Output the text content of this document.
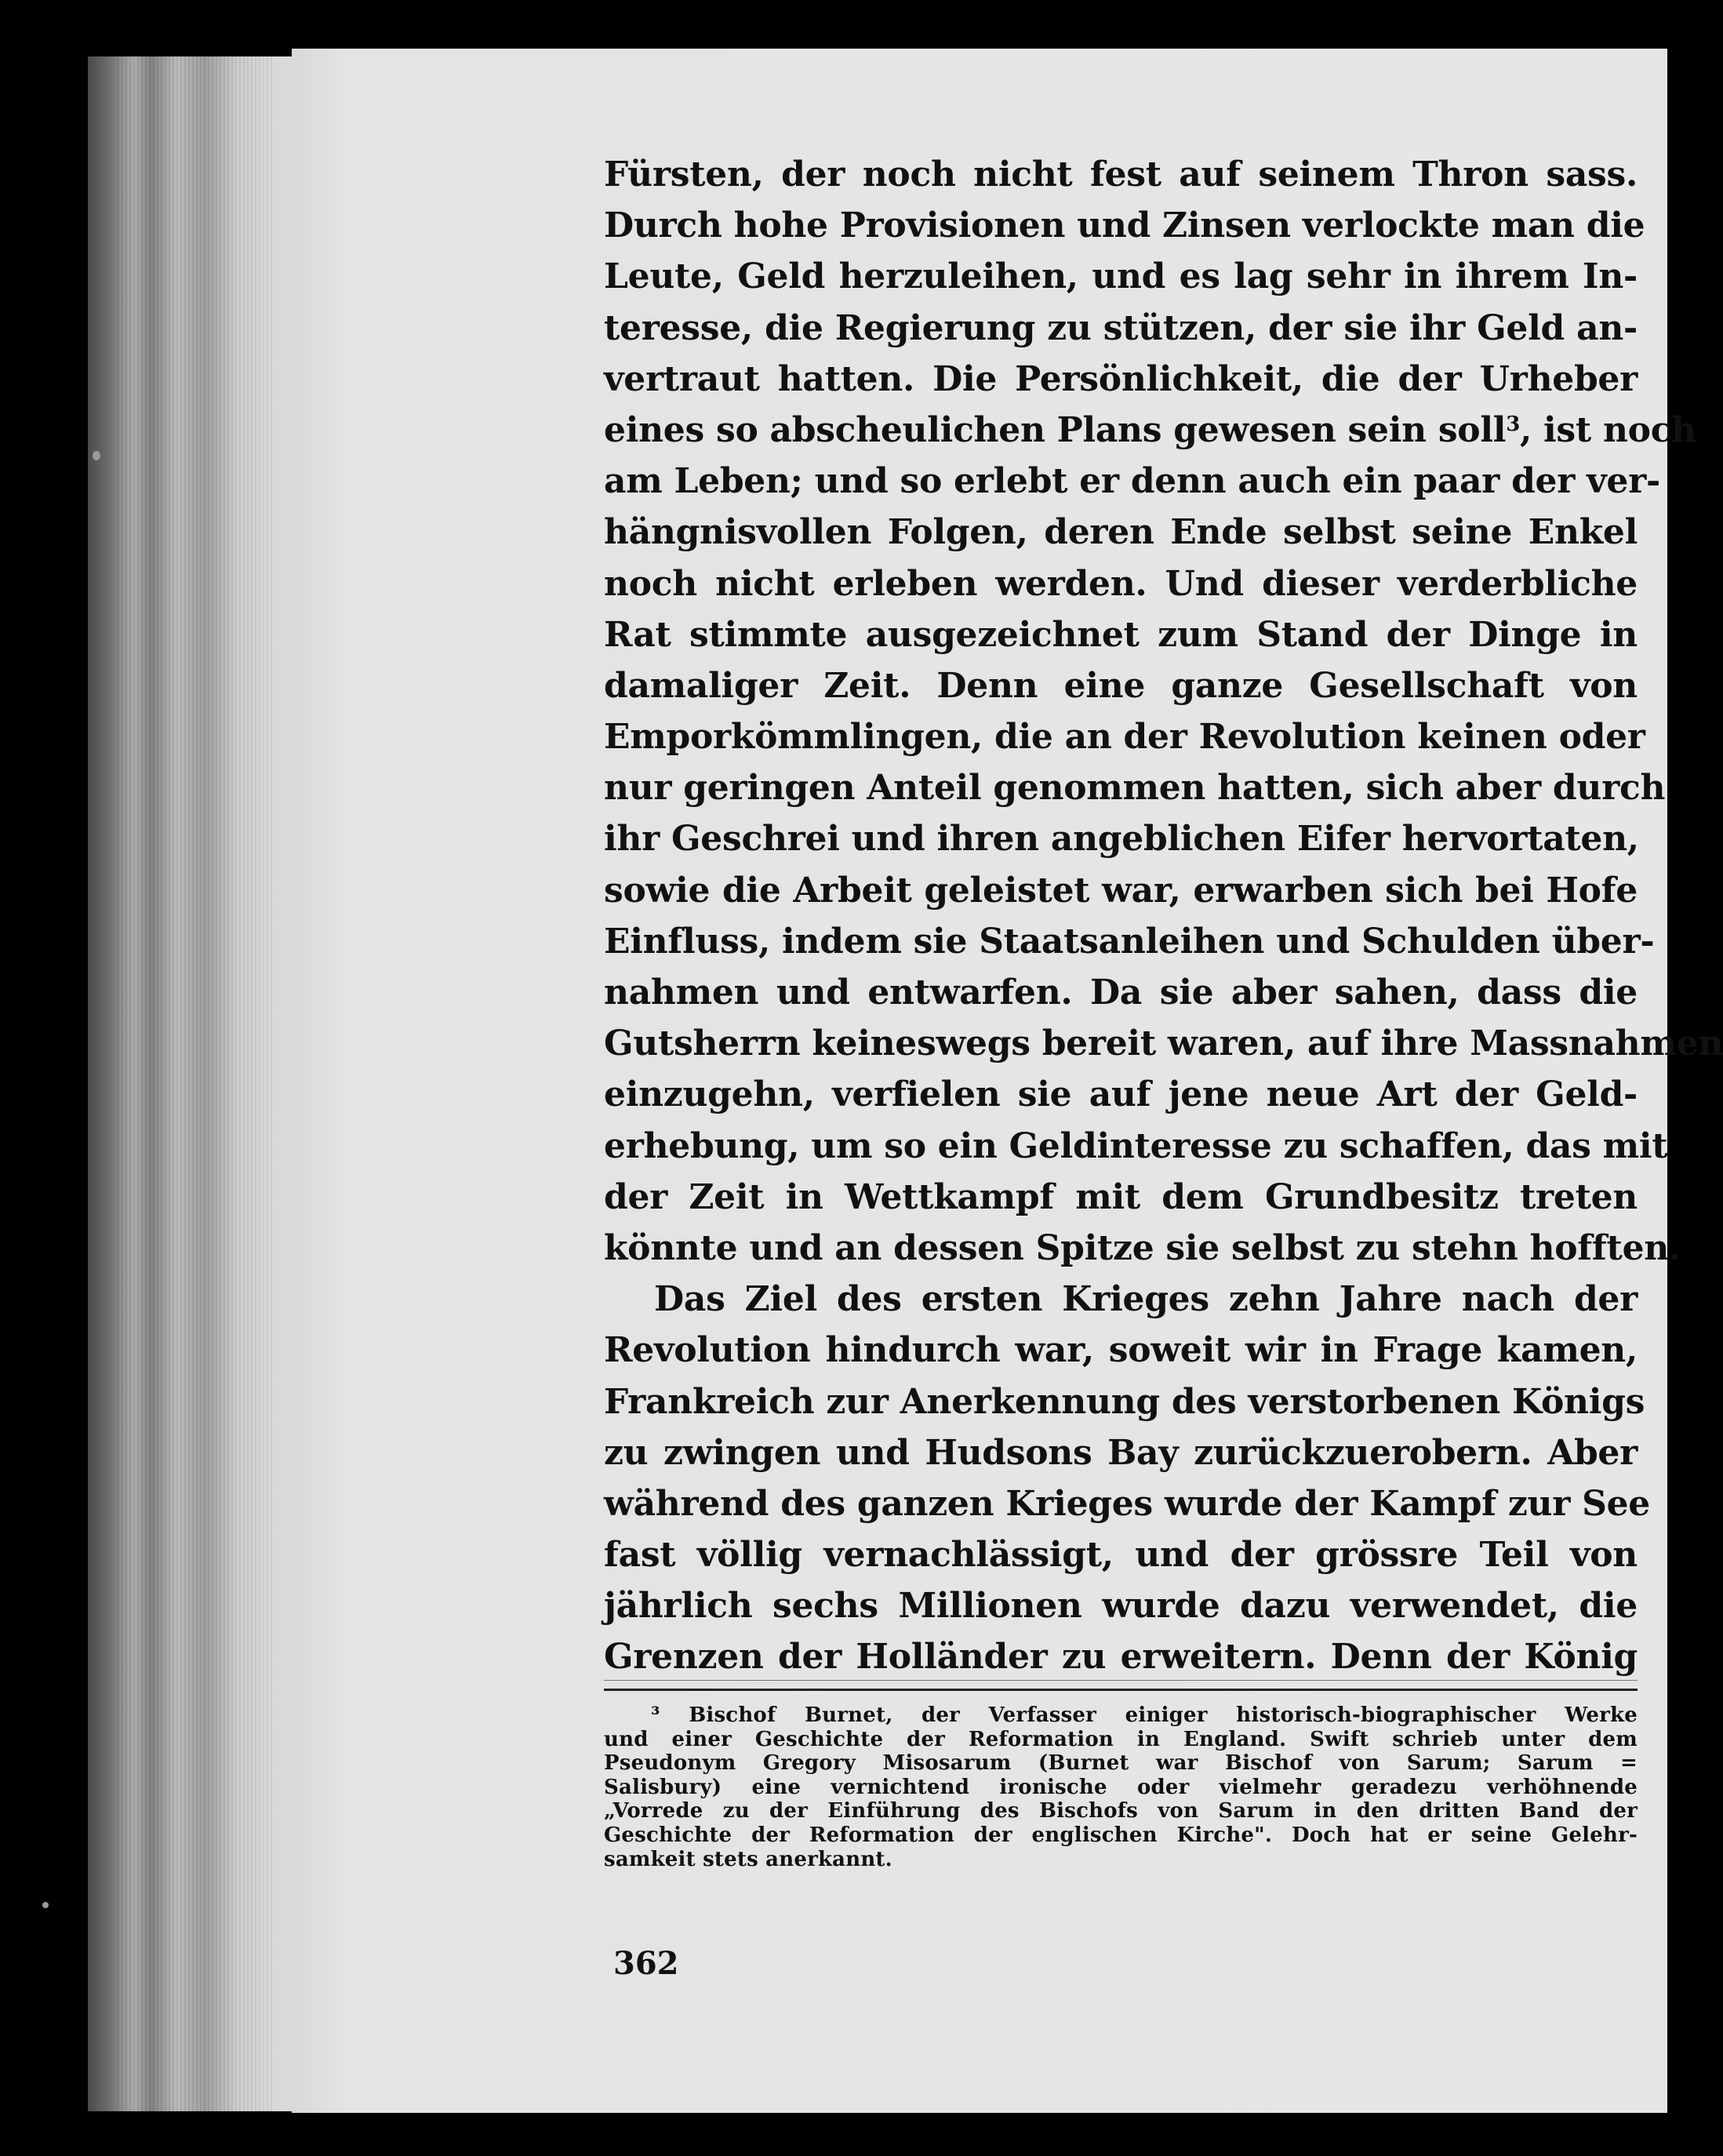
Fürsten, der noch nicht fest auf seinem Thron sass.
Durch hohe Provisionen und Zinsen verlockte man die
Leute, Geld herzuleihen, und es lag sehr in ihrem In-
teresse, die Regierung zu stützen, der sie ihr Geld an-
vertraut hatten. Die Persönlichkeit, die der Urheber
eines so abscheulichen Plans gewesen sein soll$^3$, ist noch
am Leben; und so erlebt er denn auch ein paar der ver-
hängnisvollen Folgen, deren Ende selbst seine Enkel
noch nicht erleben werden. Und dieser verderbliche
Rat stimmte ausgezeichnet zum Stand der Dinge in
damaliger Zeit. Denn eine ganze Gesellschaft von
Emporkömmlingen, die an der Revolution keinen oder
nur geringen Anteil genommen hatten, sich aber durch
ihr Geschrei und ihren angeblichen Eifer hervortaten,
sowie die Arbeit geleistet war, erwarben sich bei Hofe
Einfluss, indem sie Staatsanleihen und Schulden über-
nahmen und entwarfen. Da sie aber sahen, dass die
Gutsherrn keineswegs bereit waren, auf ihre Massnahmen
einzugehn, verfielen sie auf jene neue Art der Geld-
erhebung, um so ein Geldinteresse zu schaffen, das mit
der Zeit in Wettkampf mit dem Grundbesitz treten
könnte und an dessen Spitze sie selbst zu stehn hofften.
Das Ziel des ersten Krieges zehn Jahre nach der
Revolution hindurch war, soweit wir in Frage kamen,
Frankreich zur Anerkennung des verstorbenen Königs
zu zwingen und Hudsons Bay zurückzuerobern. Aber
während des ganzen Krieges wurde der Kampf zur See
fast völlig vernachlässigt, und der grössre Teil von
jährlich sechs Millionen wurde dazu verwendet, die
Grenzen der Holländer zu erweitern. Denn der König
³ Bischof Burnet, der Verfasser einiger historisch-biographischer Werke
und einer Geschichte der Reformation in England. Swift schrieb unter dem
Pseudonym Gregory Misosarum (Burnet war Bischof von Sarum; Sarum =
Salisbury) eine vernichtend ironische oder vielmehr geradezu verhöhnende
„Vorrede zu der Einführung des Bischofs von Sarum in den dritten Band der
Geschichte der Reformation der englischen Kirche". Doch hat er seine Gelehr-
samkeit stets anerkannt.
362
